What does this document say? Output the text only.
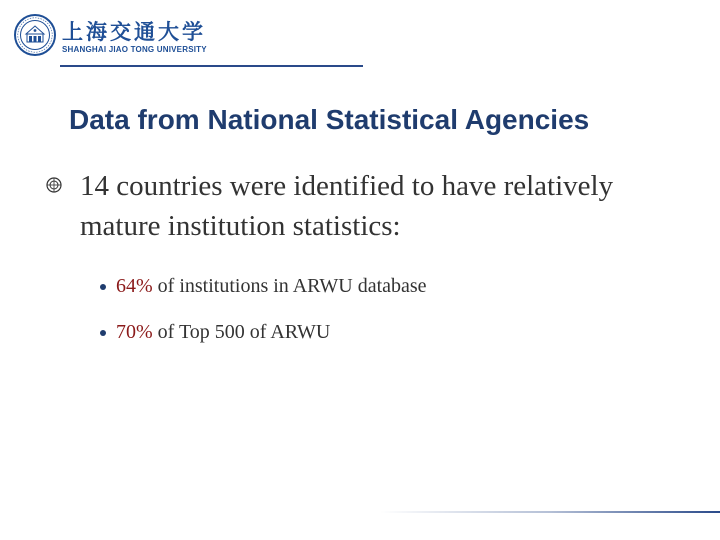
上海交通大学
SHANGHAI JIAO TONG UNIVERSITY
Data from National Statistical Agencies
14 countries were identified to have relatively mature institution statistics:
64% of institutions in ARWU database
70% of Top 500 of ARWU
